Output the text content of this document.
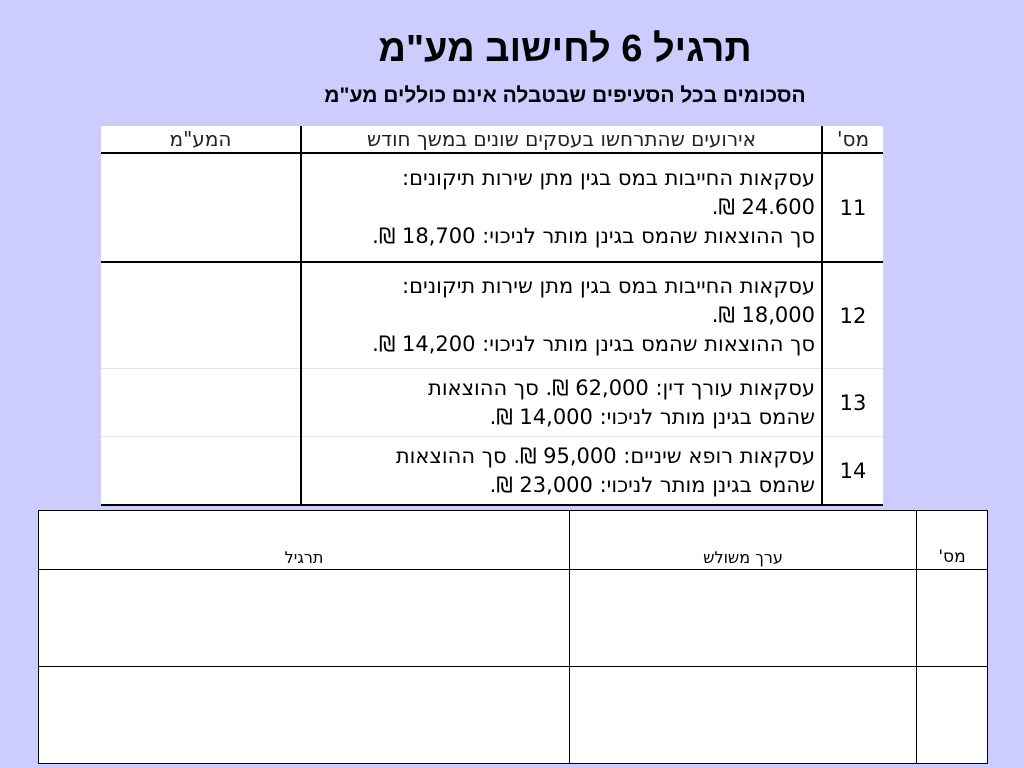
תרגיל 6 לחישוב מע"מ
הסכומים בכל הסעיפים שבטבלה אינם כוללים מע"מ
מס'	אירועים שהתרחשו בעסקים שונים במשך חודש	המע"מ
11	עסקאות החייבות במס בגין מתן שירות תיקונים:
24.600 ₪.
סך ההוצאות שהמס בגינן מותר לניכוי: 18,700 ₪.	

12	עסקאות החייבות במס בגין מתן שירות תיקונים:
18,000 ₪.
סך ההוצאות שהמס בגינן מותר לניכוי: 14,200 ₪.	

13	עסקאות עורך דין: 62,000 ₪. סך ההוצאות
שהמס בגינן מותר לניכוי: 14,000 ₪.	

14	עסקאות רופא שיניים: 95,000 ₪. סך ההוצאות
שהמס בגינן מותר לניכוי: 23,000 ₪.	

מס'	ערך משולש	תרגיל
